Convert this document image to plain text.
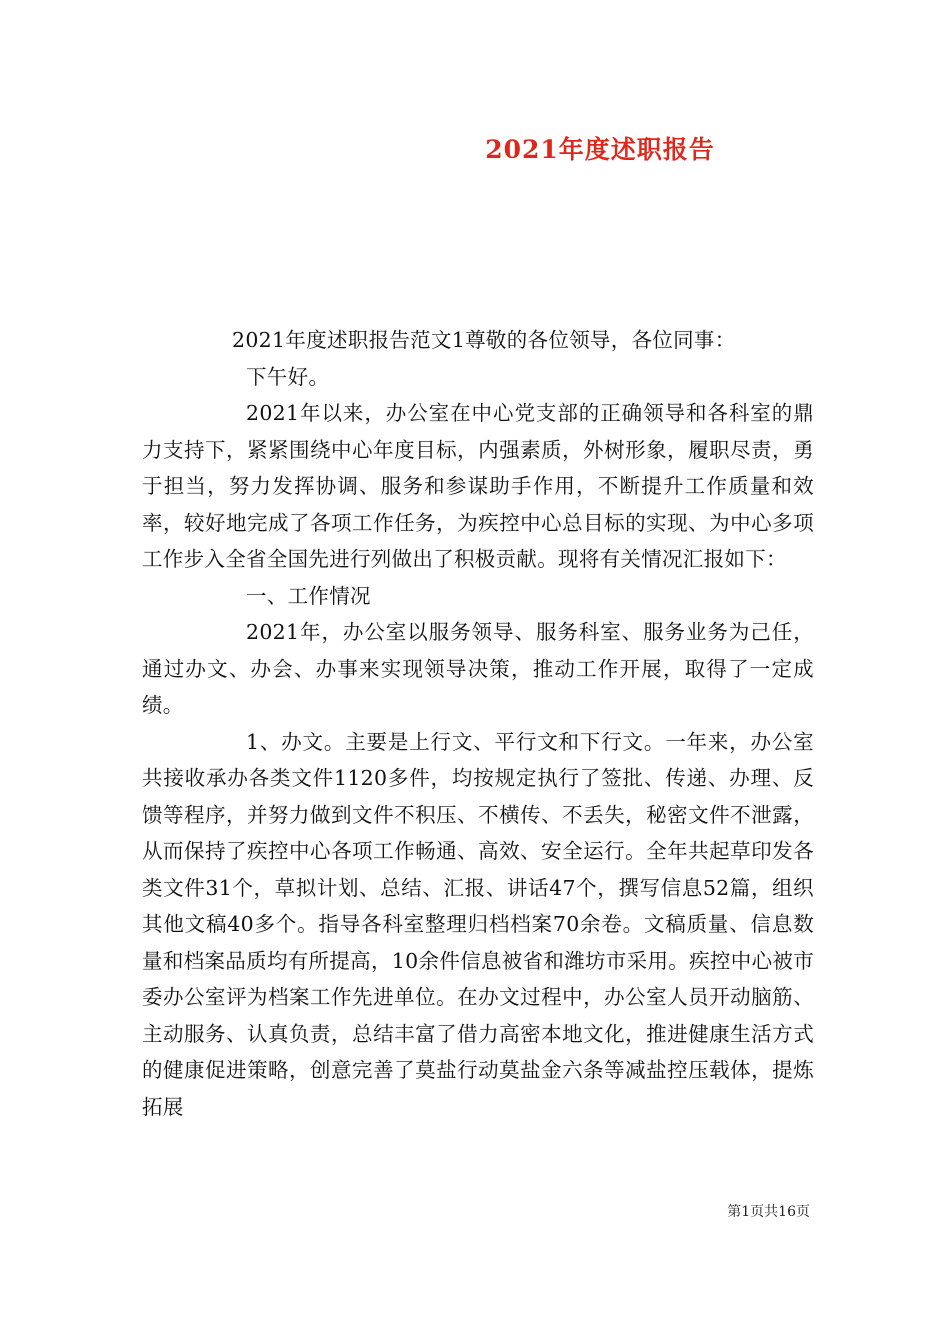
2021年度述职报告

2021年度述职报告范文1尊敬的各位领导，各位同事：

下午好。

2021年以来，办公室在中心党支部的正确领导和各科室的鼎力支持下，紧紧围绕中心年度目标，内强素质，外树形象，履职尽责，勇于担当，努力发挥协调、服务和参谋助手作用，不断提升工作质量和效率，较好地完成了各项工作任务，为疾控中心总目标的实现、为中心多项工作步入全省全国先进行列做出了积极贡献。现将有关情况汇报如下：

一、工作情况

2021年，办公室以服务领导、服务科室、服务业务为己任，通过办文、办会、办事来实现领导决策，推动工作开展，取得了一定成绩。

1、办文。主要是上行文、平行文和下行文。一年来，办公室共接收承办各类文件1120多件，均按规定执行了签批、传递、办理、反馈等程序，并努力做到文件不积压、不横传、不丢失，秘密文件不泄露，从而保持了疾控中心各项工作畅通、高效、安全运行。全年共起草印发各类文件31个，草拟计划、总结、汇报、讲话47个，撰写信息52篇，组织其他文稿40多个。指导各科室整理归档档案70余卷。文稿质量、信息数量和档案品质均有所提高，10余件信息被省和潍坊市采用。疾控中心被市委办公室评为档案工作先进单位。在办文过程中，办公室人员开动脑筋、主动服务、认真负责，总结丰富了借力高密本地文化，推进健康生活方式的健康促进策略，创意完善了莫盐行动莫盐金六条等减盐控压载体，提炼拓展

第1页共16页
